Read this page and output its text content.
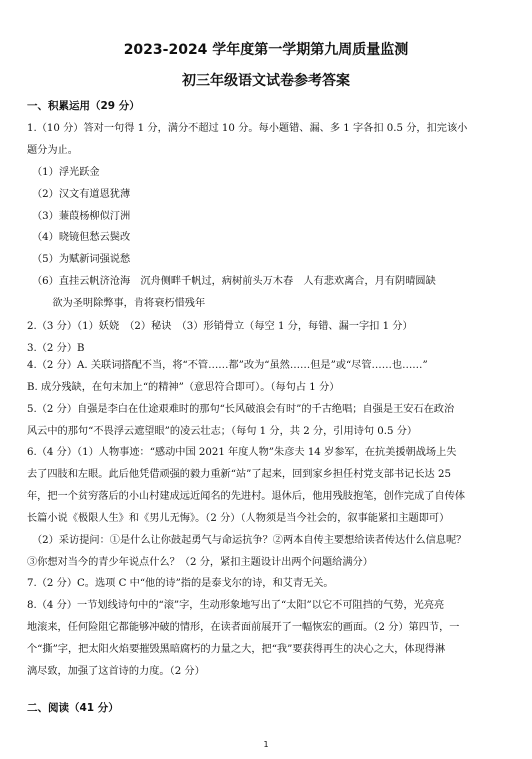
2023-2024 学年度第一学期第九周质量监测
初三年级语文试卷参考答案
一、积累运用（29 分）
1.（10 分）答对一句得 1 分，满分不超过 10 分。每小题错、漏、多 1 字各扣 0.5 分，扣完该小
题分为止。
（1）浮光跃金
（2）汉文有道恩犹薄
（3）蒹葭杨柳似汀洲
（4）晓镜但愁云鬓改
（5）为赋新词强说愁
（6）直挂云帆济沧海　沉舟侧畔千帆过，病树前头万木春　人有悲欢离合，月有阴晴圆缺
　　欲为圣明除弊事，肯将衰朽惜残年
2.（3 分）（1）妖娆　（2）秘诀　（3）形销骨立（每空 1 分，每错、漏一字扣 1 分）
3.（2 分）B
4.（2 分）A. 关联词搭配不当，将“不管……都”改为“虽然……但是”或“尽管……也……”
B. 成分残缺，在句末加上“的精神”（意思符合即可）。（每句占 1 分）
5.（2 分）自强是李白在仕途艰难时的那句“长风破浪会有时”的千古绝唱；自强是王安石在政治
风云中的那句“不畏浮云遮望眼”的凌云壮志；（每句 1 分，共 2 分，引用诗句 0.5 分）
6.（4 分）（1）人物事迹：“感动中国 2021 年度人物”朱彦夫 14 岁参军，在抗美援朝战场上失
去了四肢和左眼。此后他凭借顽强的毅力重新“站”了起来，回到家乡担任村党支部书记长达 25
年，把一个贫穷落后的小山村建成远近闻名的先进村。退休后，他用残肢抱笔，创作完成了自传体
长篇小说《极限人生》和《男儿无悔》。（2 分）（人物须是当今社会的，叙事能紧扣主题即可）
（2）采访提问：①是什么让你鼓起勇气与命运抗争？②两本自传主要想给读者传达什么信息呢？
③你想对当今的青少年说点什么？（2 分，紧扣主题设计出两个问题给满分）
7.（2 分）C。选项 C 中“他的诗”指的是泰戈尔的诗，和艾青无关。
8.（4 分）一节划线诗句中的“滚”字，生动形象地写出了“太阳”以它不可阻挡的气势，光亮亮
地滚来，任何险阻它都能够冲破的情形，在读者面前展开了一幅恢宏的画面。（2 分）第四节，一
个“撕”字，把太阳火焰要摧毁黑暗腐朽的力量之大，把“我”要获得再生的决心之大，体现得淋
漓尽致，加强了这首诗的力度。（2 分）
二、阅读（41 分）
1
